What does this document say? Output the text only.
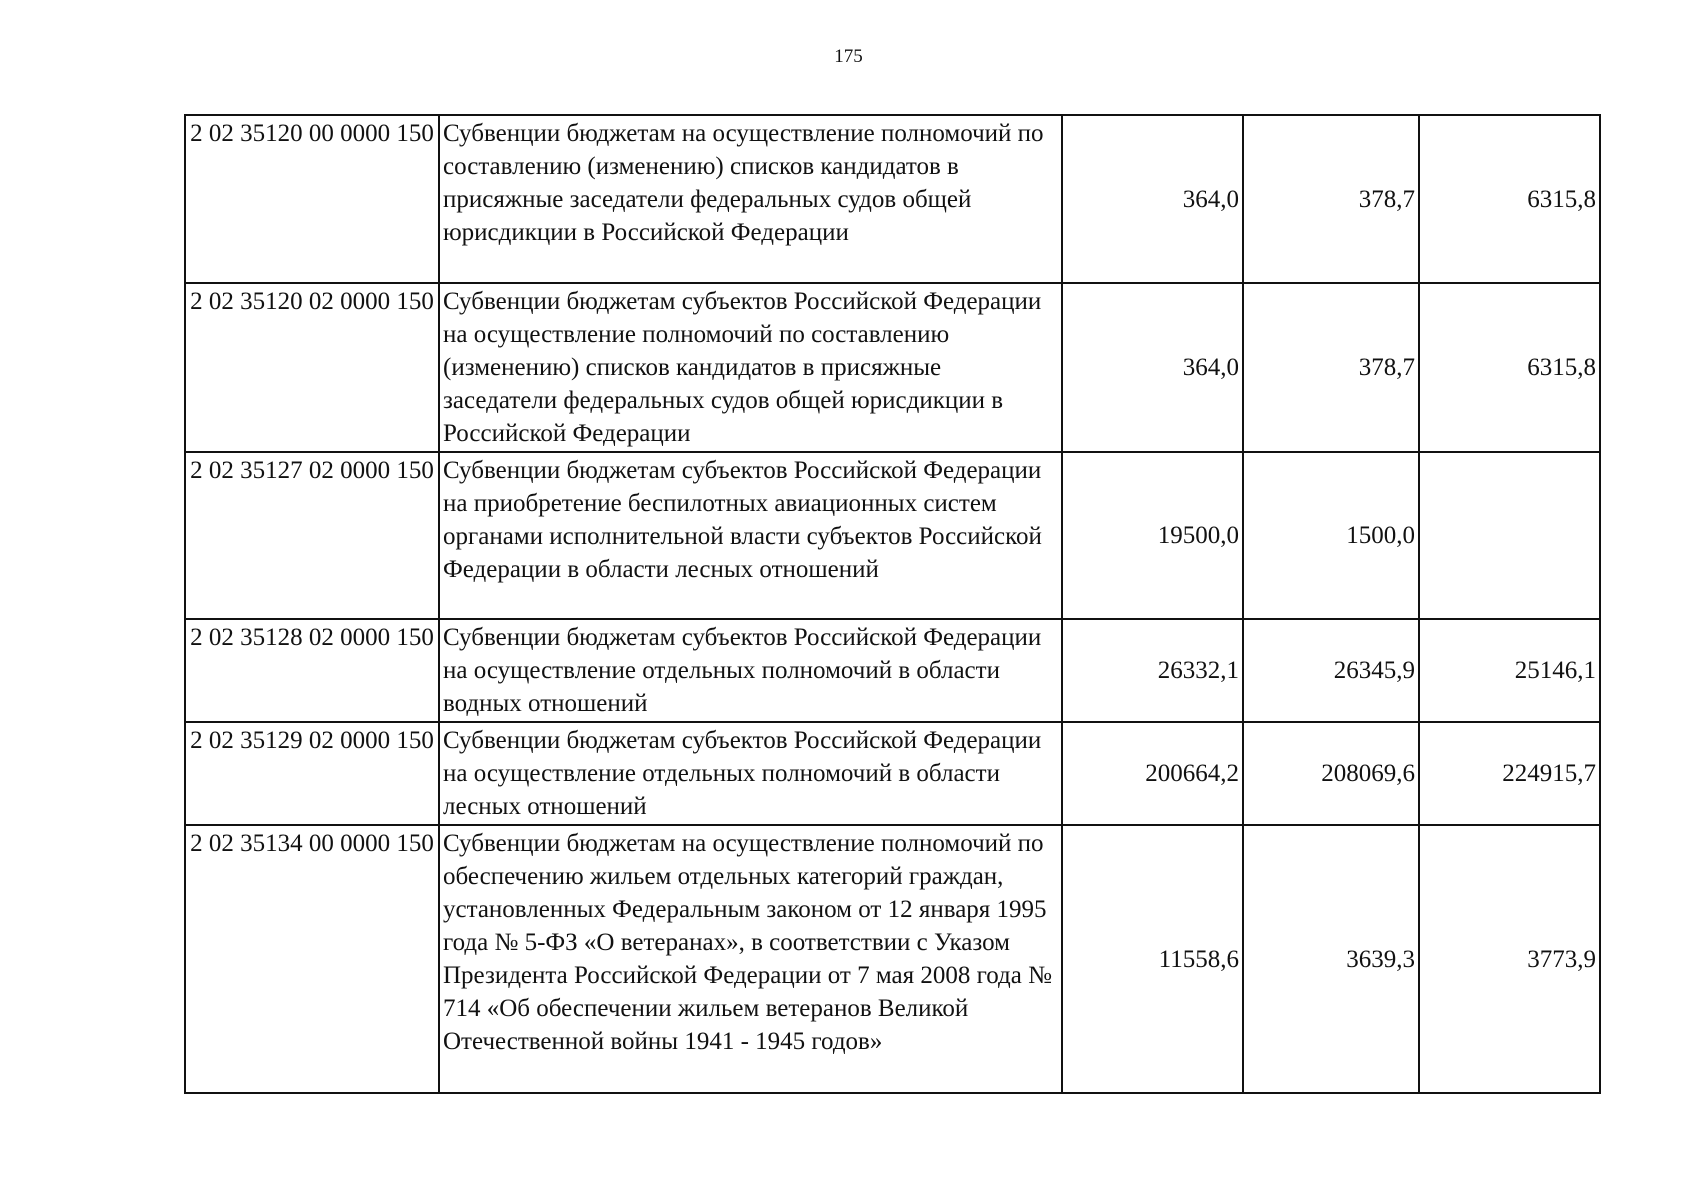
175
2 02 35120 00 0000 150	Субвенции бюджетам на осуществление полномочий по составлению (изменению) списков кандидатов в присяжные заседатели федеральных судов общей юрисдикции в Российской Федерации	364,0	378,7	6315,8
2 02 35120 02 0000 150	Субвенции бюджетам субъектов Российской Федерации на осуществление полномочий по составлению (изменению) списков кандидатов в присяжные заседатели федеральных судов общей юрисдикции в Российской Федерации	364,0	378,7	6315,8
2 02 35127 02 0000 150	Субвенции бюджетам субъектов Российской Федерации на приобретение беспилотных авиационных систем органами исполнительной власти субъектов Российской Федерации в области лесных отношений	19500,0	1500,0	
2 02 35128 02 0000 150	Субвенции бюджетам субъектов Российской Федерации на осуществление отдельных полномочий в области водных отношений	26332,1	26345,9	25146,1
2 02 35129 02 0000 150	Субвенции бюджетам субъектов Российской Федерации на осуществление отдельных полномочий в области лесных отношений	200664,2	208069,6	224915,7
2 02 35134 00 0000 150	Субвенции бюджетам на осуществление полномочий по обеспечению жильем отдельных категорий граждан, установленных Федеральным законом от 12 января 1995 года № 5-ФЗ «О ветеранах», в соответствии с Указом Президента Российской Федерации от 7 мая 2008 года № 714 «Об обеспечении жильем ветеранов Великой Отечественной войны 1941 - 1945 годов»	11558,6	3639,3	3773,9
